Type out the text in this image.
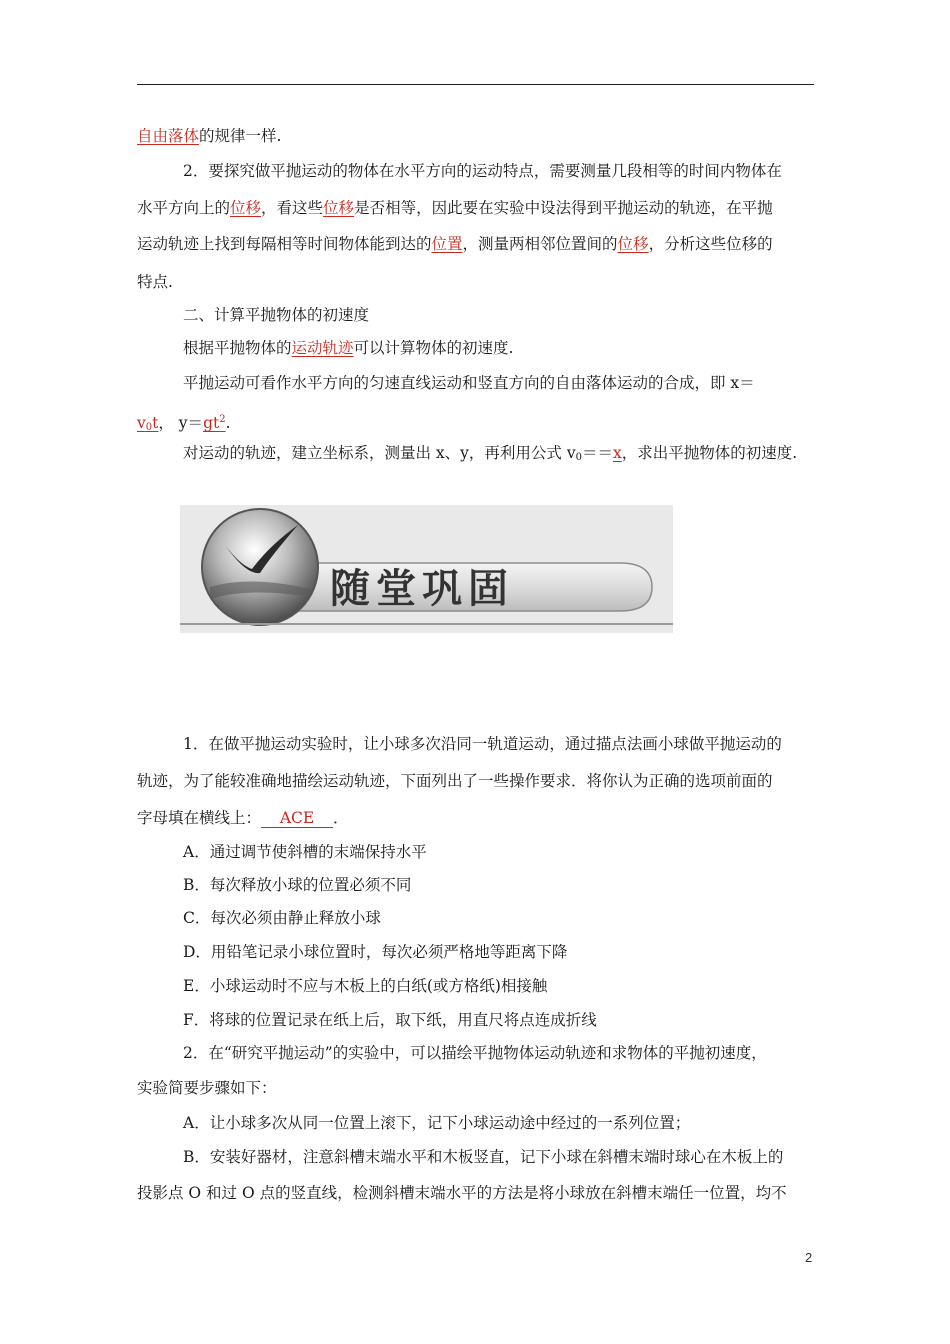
自由落体的规律一样.
2．要探究做平抛运动的物体在水平方向的运动特点，需要测量几段相等的时间内物体在
水平方向上的位移，看这些位移是否相等，因此要在实验中设法得到平抛运动的轨迹，在平抛
运动轨迹上找到每隔相等时间物体能到达的位置，测量两相邻位置间的位移，分析这些位移的
特点.
二、计算平抛物体的初速度
根据平抛物体的运动轨迹可以计算物体的初速度.
平抛运动可看作水平方向的匀速直线运动和竖直方向的自由落体运动的合成，即 x＝
$v_0t$， $y=gt^2$.
对运动的轨迹，建立坐标系，测量出 x、y，再利用公式 $v_0==x$，求出平抛物体的初速度.
随堂巩固
1．在做平抛运动实验时，让小球多次沿同一轨道运动，通过描点法画小球做平抛运动的
轨迹，为了能较准确地描绘运动轨迹，下面列出了一些操作要求．将你认为正确的选项前面的
字母填在横线上： ACE ．
A．通过调节使斜槽的末端保持水平
B．每次释放小球的位置必须不同
C．每次必须由静止释放小球
D．用铅笔记录小球位置时，每次必须严格地等距离下降
E．小球运动时不应与木板上的白纸(或方格纸)相接触
F．将球的位置记录在纸上后，取下纸，用直尺将点连成折线
2．在“研究平抛运动”的实验中，可以描绘平抛物体运动轨迹和求物体的平抛初速度，
实验简要步骤如下：
A．让小球多次从同一位置上滚下，记下小球运动途中经过的一系列位置；
B．安装好器材，注意斜槽末端水平和木板竖直，记下小球在斜槽末端时球心在木板上的
投影点 O 和过 O 点的竖直线，检测斜槽末端水平的方法是将小球放在斜槽末端任一位置，均不
2
